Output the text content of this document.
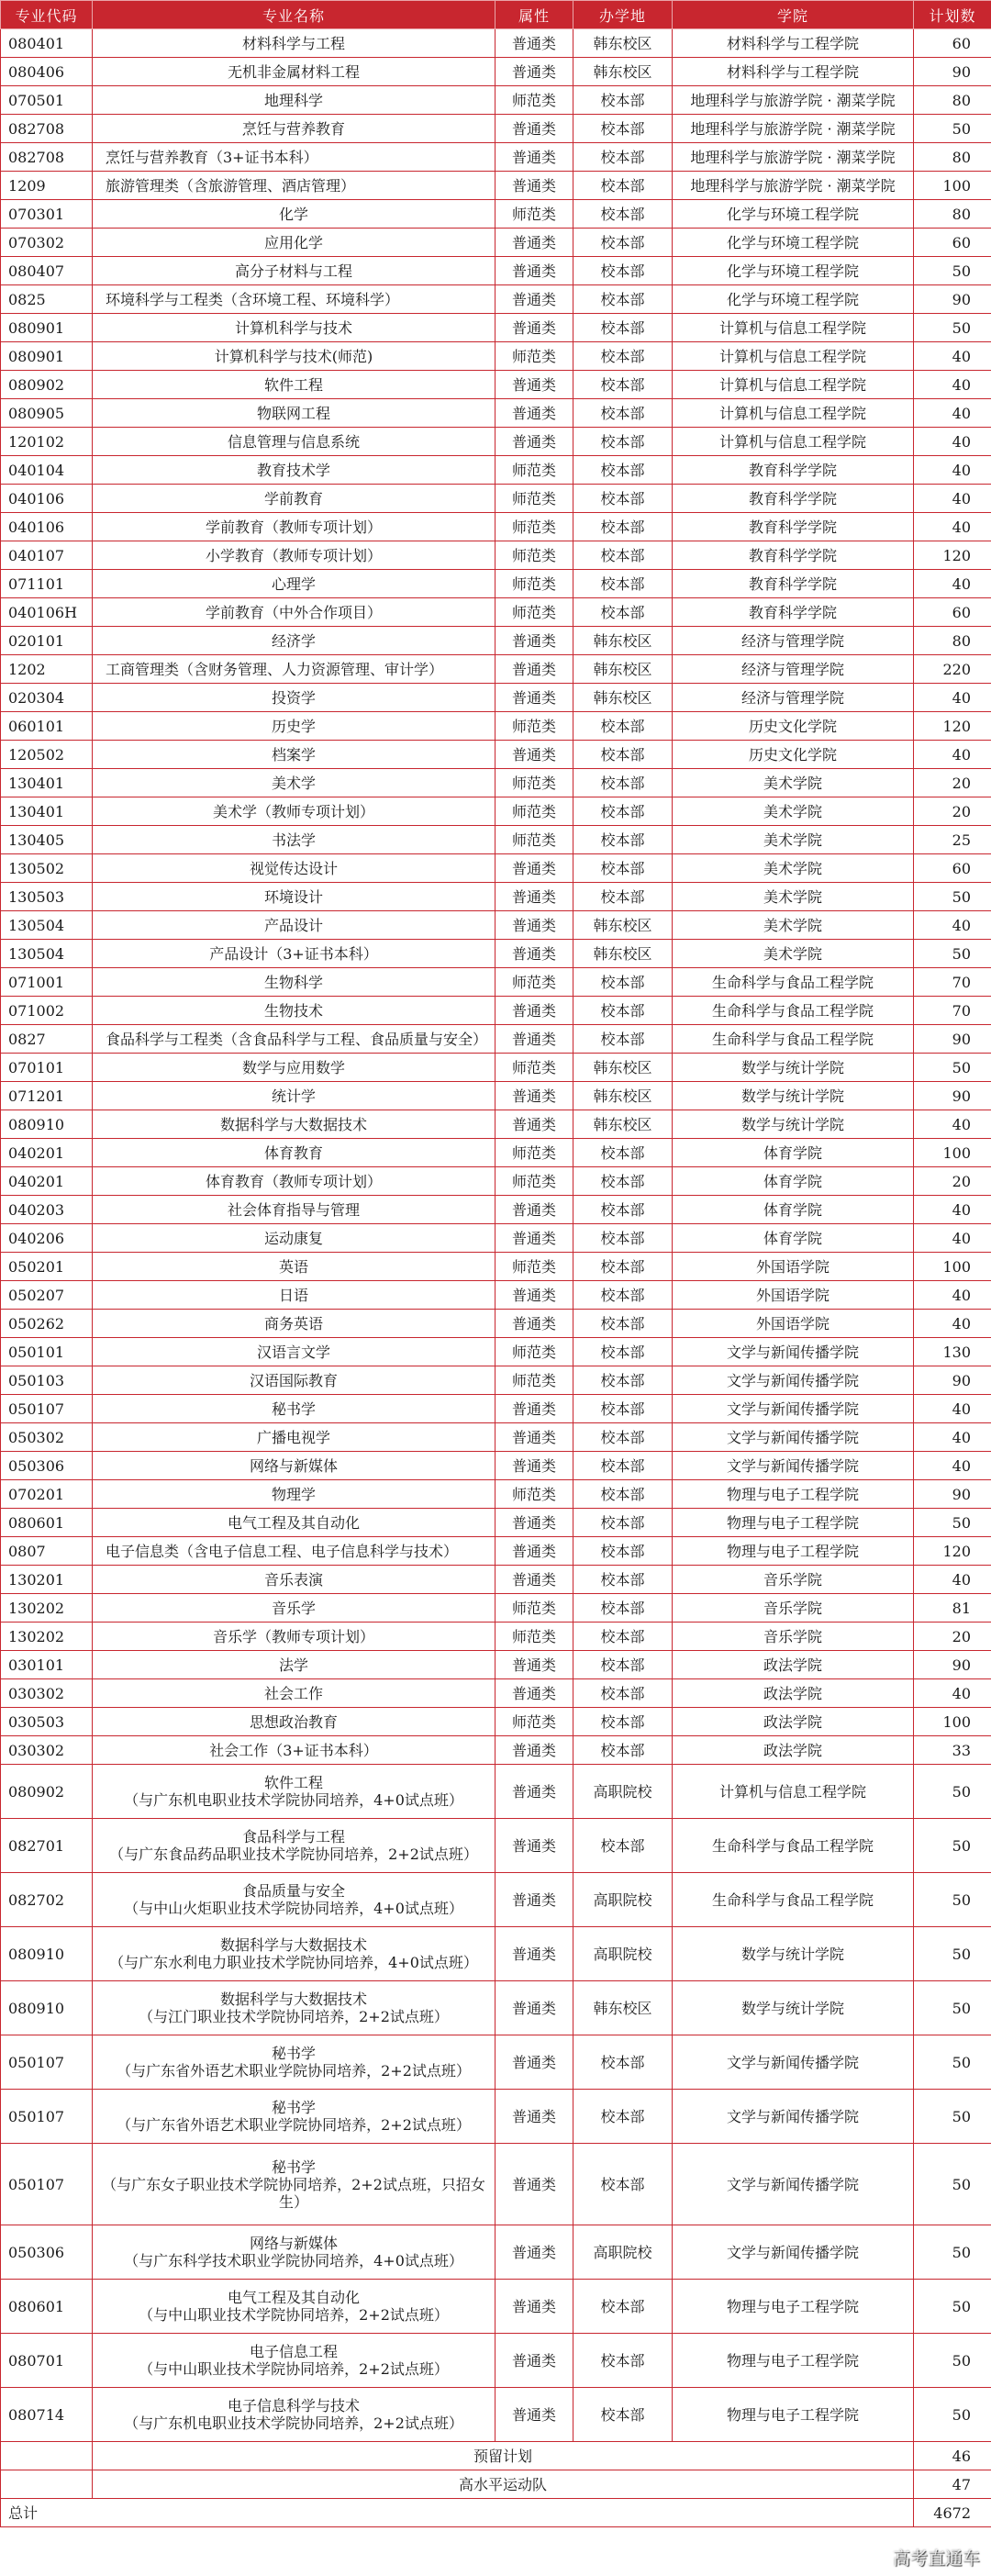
专业代码	专业名称	属性	办学地	学院	计划数
080401	材料科学与工程	普通类	韩东校区	材料科学与工程学院	60
080406	无机非金属材料工程	普通类	韩东校区	材料科学与工程学院	90
070501	地理科学	师范类	校本部	地理科学与旅游学院 · 潮菜学院	80
082708	烹饪与营养教育	普通类	校本部	地理科学与旅游学院 · 潮菜学院	50
082708	烹饪与营养教育（3+证书本科）	普通类	校本部	地理科学与旅游学院 · 潮菜学院	80
1209	旅游管理类（含旅游管理、酒店管理）	普通类	校本部	地理科学与旅游学院 · 潮菜学院	100
070301	化学	师范类	校本部	化学与环境工程学院	80
070302	应用化学	普通类	校本部	化学与环境工程学院	60
080407	高分子材料与工程	普通类	校本部	化学与环境工程学院	50
0825	环境科学与工程类（含环境工程、环境科学）	普通类	校本部	化学与环境工程学院	90
080901	计算机科学与技术	普通类	校本部	计算机与信息工程学院	50
080901	计算机科学与技术(师范)	师范类	校本部	计算机与信息工程学院	40
080902	软件工程	普通类	校本部	计算机与信息工程学院	40
080905	物联网工程	普通类	校本部	计算机与信息工程学院	40
120102	信息管理与信息系统	普通类	校本部	计算机与信息工程学院	40
040104	教育技术学	师范类	校本部	教育科学学院	40
040106	学前教育	师范类	校本部	教育科学学院	40
040106	学前教育（教师专项计划）	师范类	校本部	教育科学学院	40
040107	小学教育（教师专项计划）	师范类	校本部	教育科学学院	120
071101	心理学	师范类	校本部	教育科学学院	40
040106H	学前教育（中外合作项目）	师范类	校本部	教育科学学院	60
020101	经济学	普通类	韩东校区	经济与管理学院	80
1202	工商管理类（含财务管理、人力资源管理、审计学）	普通类	韩东校区	经济与管理学院	220
020304	投资学	普通类	韩东校区	经济与管理学院	40
060101	历史学	师范类	校本部	历史文化学院	120
120502	档案学	普通类	校本部	历史文化学院	40
130401	美术学	师范类	校本部	美术学院	20
130401	美术学（教师专项计划）	师范类	校本部	美术学院	20
130405	书法学	师范类	校本部	美术学院	25
130502	视觉传达设计	普通类	校本部	美术学院	60
130503	环境设计	普通类	校本部	美术学院	50
130504	产品设计	普通类	韩东校区	美术学院	40
130504	产品设计（3+证书本科）	普通类	韩东校区	美术学院	50
071001	生物科学	师范类	校本部	生命科学与食品工程学院	70
071002	生物技术	普通类	校本部	生命科学与食品工程学院	70
0827	食品科学与工程类（含食品科学与工程、食品质量与安全）	普通类	校本部	生命科学与食品工程学院	90
070101	数学与应用数学	师范类	韩东校区	数学与统计学院	50
071201	统计学	普通类	韩东校区	数学与统计学院	90
080910	数据科学与大数据技术	普通类	韩东校区	数学与统计学院	40
040201	体育教育	师范类	校本部	体育学院	100
040201	体育教育（教师专项计划）	师范类	校本部	体育学院	20
040203	社会体育指导与管理	普通类	校本部	体育学院	40
040206	运动康复	普通类	校本部	体育学院	40
050201	英语	师范类	校本部	外国语学院	100
050207	日语	普通类	校本部	外国语学院	40
050262	商务英语	普通类	校本部	外国语学院	40
050101	汉语言文学	师范类	校本部	文学与新闻传播学院	130
050103	汉语国际教育	师范类	校本部	文学与新闻传播学院	90
050107	秘书学	普通类	校本部	文学与新闻传播学院	40
050302	广播电视学	普通类	校本部	文学与新闻传播学院	40
050306	网络与新媒体	普通类	校本部	文学与新闻传播学院	40
070201	物理学	师范类	校本部	物理与电子工程学院	90
080601	电气工程及其自动化	普通类	校本部	物理与电子工程学院	50
0807	电子信息类（含电子信息工程、电子信息科学与技术）	普通类	校本部	物理与电子工程学院	120
130201	音乐表演	普通类	校本部	音乐学院	40
130202	音乐学	师范类	校本部	音乐学院	81
130202	音乐学（教师专项计划）	师范类	校本部	音乐学院	20
030101	法学	普通类	校本部	政法学院	90
030302	社会工作	普通类	校本部	政法学院	40
030503	思想政治教育	师范类	校本部	政法学院	100
030302	社会工作（3+证书本科）	普通类	校本部	政法学院	33
080902	软件工程
（与广东机电职业技术学院协同培养，4+0试点班）	普通类	高职院校	计算机与信息工程学院	50
082701	食品科学与工程
（与广东食品药品职业技术学院协同培养，2+2试点班）	普通类	校本部	生命科学与食品工程学院	50
082702	食品质量与安全
（与中山火炬职业技术学院协同培养，4+0试点班）	普通类	高职院校	生命科学与食品工程学院	50
080910	数据科学与大数据技术
（与广东水利电力职业技术学院协同培养，4+0试点班）	普通类	高职院校	数学与统计学院	50
080910	数据科学与大数据技术
（与江门职业技术学院协同培养，2+2试点班）	普通类	韩东校区	数学与统计学院	50
050107	秘书学
（与广东省外语艺术职业学院协同培养，2+2试点班）	普通类	校本部	文学与新闻传播学院	50
050107	秘书学
（与广东省外语艺术职业学院协同培养，2+2试点班）	普通类	校本部	文学与新闻传播学院	50
050107	秘书学
（与广东女子职业技术学院协同培养，2+2试点班，只招女生）	普通类	校本部	文学与新闻传播学院	50
050306	网络与新媒体
（与广东科学技术职业学院协同培养，4+0试点班）	普通类	高职院校	文学与新闻传播学院	50
080601	电气工程及其自动化
（与中山职业技术学院协同培养，2+2试点班）	普通类	校本部	物理与电子工程学院	50
080701	电子信息工程
（与中山职业技术学院协同培养，2+2试点班）	普通类	校本部	物理与电子工程学院	50
080714	电子信息科学与技术
（与广东机电职业技术学院协同培养，2+2试点班）	普通类	校本部	物理与电子工程学院	50
	预留计划				46
	高水平运动队				47
总计					4672
高考直通车
